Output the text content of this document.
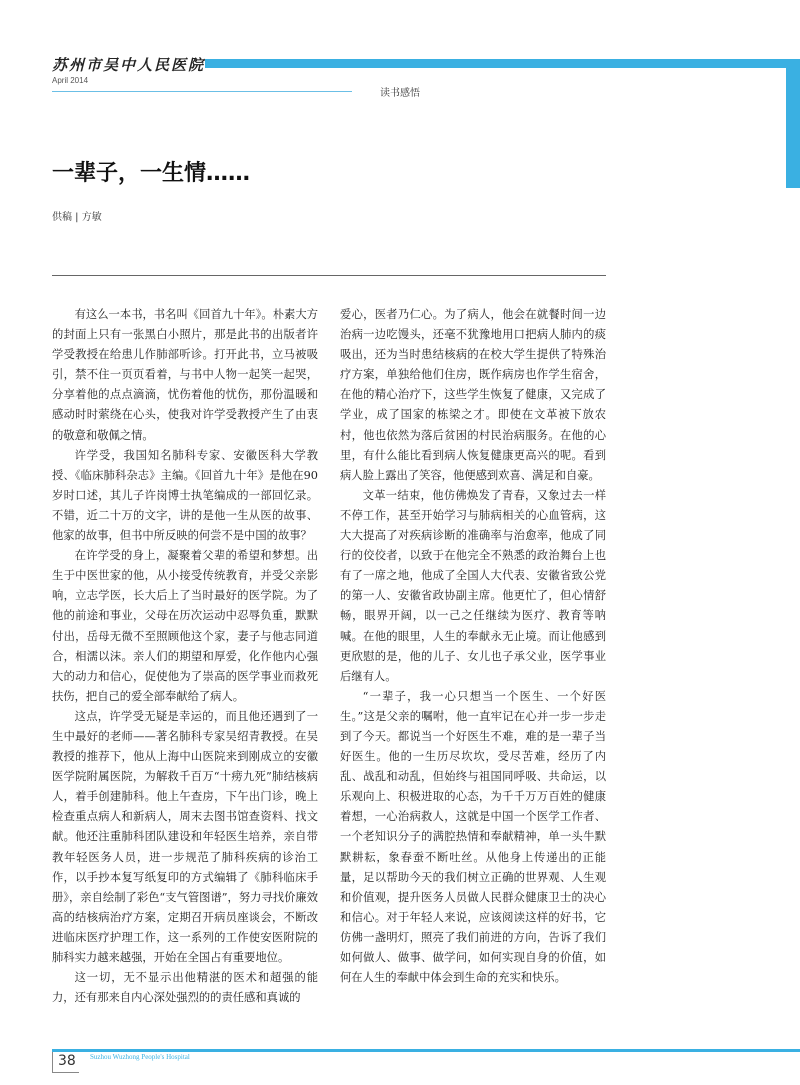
苏州市吴中人民医院
April 2014
读书感悟
一辈子，一生情……
供稿 | 方敏

有这么一本书，书名叫《回首九十年》。朴素大方的封面上只有一张黑白小照片，那是此书的出版者许学受教授在给患儿作肺部听诊。打开此书，立马被吸引，禁不住一页页看着，与书中人物一起笑一起哭，分享着他的点点滴滴，忧伤着他的忧伤，那份温暖和感动时时萦绕在心头，使我对许学受教授产生了由衷的敬意和敬佩之情。

许学受，我国知名肺科专家、安徽医科大学教授、《临床肺科杂志》主编。《回首九十年》是他在90岁时口述，其儿子许岗博士执笔编成的一部回忆录。不错，近二十万的文字，讲的是他一生从医的故事、他家的故事，但书中所反映的何尝不是中国的故事？

在许学受的身上，凝聚着父辈的希望和梦想。出生于中医世家的他，从小接受传统教育，并受父亲影响，立志学医，长大后上了当时最好的医学院。为了他的前途和事业，父母在历次运动中忍辱负重，默默付出，岳母无微不至照顾他这个家，妻子与他志同道合，相濡以沫。亲人们的期望和厚爱，化作他内心强大的动力和信心，促使他为了崇高的医学事业而救死扶伤，把自己的爱全部奉献给了病人。

这点，许学受无疑是幸运的，而且他还遇到了一生中最好的老师——著名肺科专家吴绍青教授。在吴教授的推荐下，他从上海中山医院来到刚成立的安徽医学院附属医院，为解救千百万“十痨九死”肺结核病人，着手创建肺科。他上午查房，下午出门诊，晚上检查重点病人和新病人，周末去图书馆查资料、找文献。他还注重肺科团队建设和年轻医生培养，亲自带教年轻医务人员，进一步规范了肺科疾病的诊治工作，以手抄本复写纸复印的方式编辑了《肺科临床手册》，亲自绘制了彩色“支气管图谱”，努力寻找价廉效高的结核病治疗方案，定期召开病员座谈会，不断改进临床医疗护理工作，这一系列的工作使安医附院的肺科实力越来越强，开始在全国占有重要地位。

这一切，无不显示出他精湛的医术和超强的能力，还有那来自内心深处强烈的的责任感和真诚的

爱心，医者乃仁心。为了病人，他会在就餐时间一边治病一边吃馒头，还毫不犹豫地用口把病人肺内的痰吸出，还为当时患结核病的在校大学生提供了特殊治疗方案，单独给他们住房，既作病房也作学生宿舍，在他的精心治疗下，这些学生恢复了健康，又完成了学业，成了国家的栋梁之才。即使在文革被下放农村，他也依然为落后贫困的村民治病服务。在他的心里，有什么能比看到病人恢复健康更高兴的呢。看到病人脸上露出了笑容，他便感到欢喜、满足和自豪。

文革一结束，他仿佛焕发了青春，又象过去一样不停工作，甚至开始学习与肺病相关的心血管病，这大大提高了对疾病诊断的准确率与治愈率，他成了同行的佼佼者，以致于在他完全不熟悉的政治舞台上也有了一席之地，他成了全国人大代表、安徽省致公党的第一人、安徽省政协副主席。他更忙了，但心情舒畅，眼界开阔，以一己之任继续为医疗、教育等呐喊。在他的眼里，人生的奉献永无止境。而让他感到更欣慰的是，他的儿子、女儿也子承父业，医学事业后继有人。

“一辈子，我一心只想当一个医生、一个好医生。”这是父亲的嘱咐，他一直牢记在心并一步一步走到了今天。都说当一个好医生不难，难的是一辈子当好医生。他的一生历尽坎坎，受尽苦难，经历了内乱、战乱和动乱，但始终与祖国同呼吸、共命运，以乐观向上、积极进取的心态，为千千万万百姓的健康着想，一心治病救人，这就是中国一个医学工作者、一个老知识分子的满腔热情和奉献精神，单一头牛默默耕耘，象春蚕不断吐丝。从他身上传递出的正能量，足以帮助今天的我们树立正确的世界观、人生观和价值观，提升医务人员做人民群众健康卫士的决心和信心。对于年轻人来说，应该阅读这样的好书，它仿佛一盏明灯，照亮了我们前进的方向，告诉了我们如何做人、做事、做学问，如何实现自身的价值，如何在人生的奉献中体会到生命的充实和快乐。

38 Suzhou Wuzhong People's Hospital
